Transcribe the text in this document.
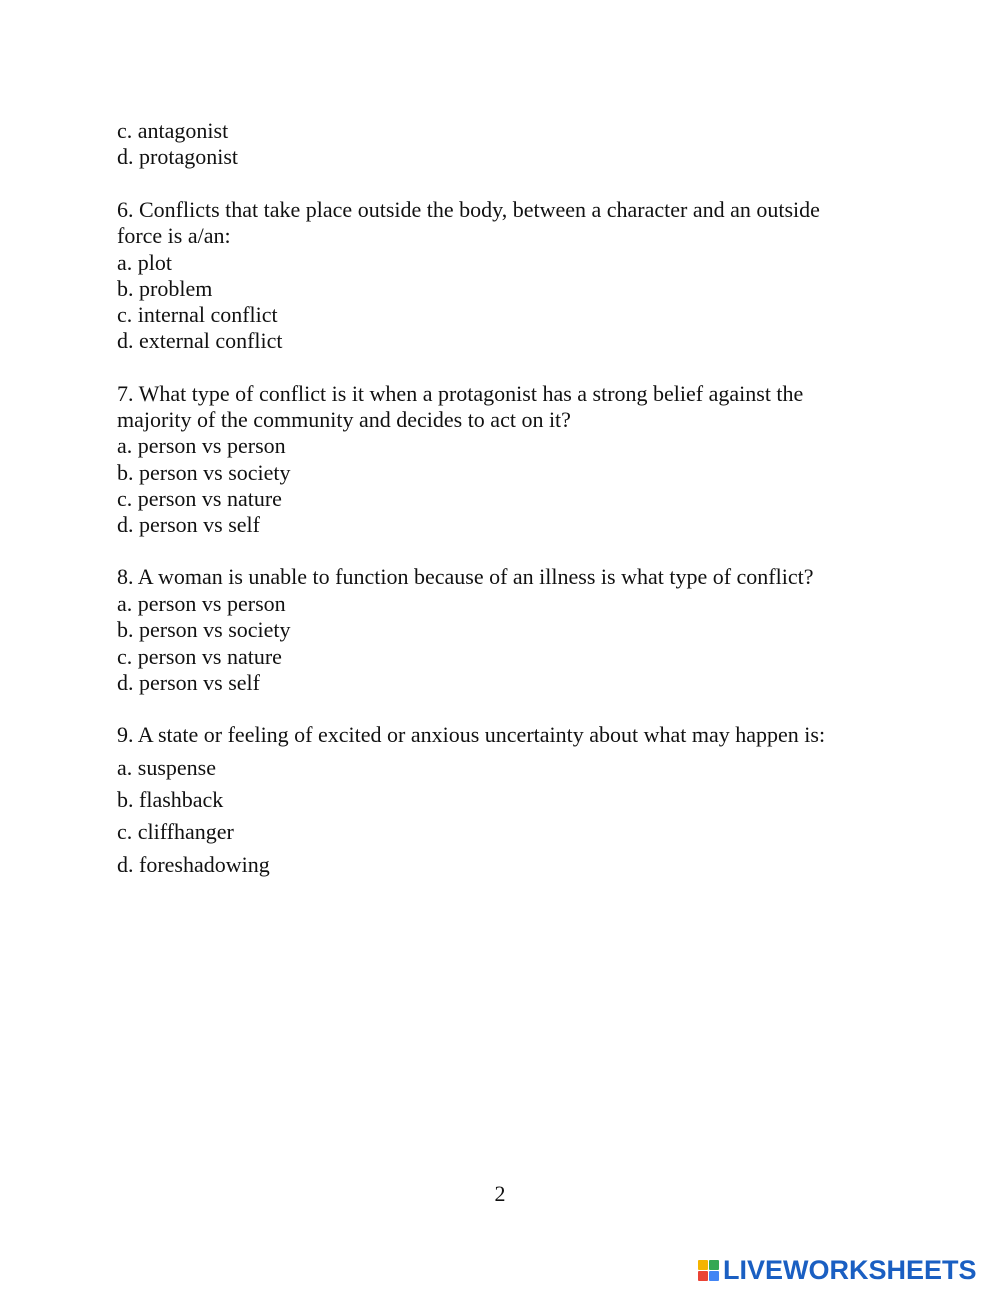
c. antagonist
d. protagonist
6. Conflicts that take place outside the body, between a character and an outside
force is a/an:
a. plot
b. problem
c. internal conflict
d. external conflict
7. What type of conflict is it when a protagonist has a strong belief against the
majority of the community and decides to act on it?
a. person vs person
b. person vs society
c. person vs nature
d. person vs self
8. A woman is unable to function because of an illness is what type of conflict?
a. person vs person
b. person vs society
c. person vs nature
d. person vs self
9. A state or feeling of excited or anxious uncertainty about what may happen is:
a. suspense
b. flashback
c. cliffhanger
d. foreshadowing
2
LIVEWORKSHEETS
